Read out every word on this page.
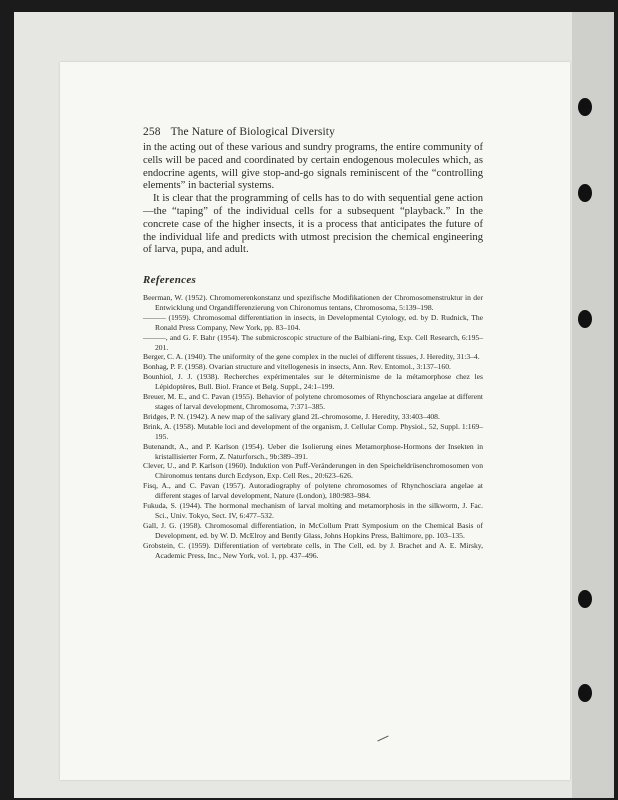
258 The Nature of Biological Diversity

in the acting out of these various and sundry programs, the entire community of cells will be paced and coordinated by certain endogenous molecules which, as endocrine agents, will give stop-and-go signals reminiscent of the “controlling elements” in bacterial systems.

It is clear that the programming of cells has to do with sequential gene action—the “taping” of the individual cells for a subsequent “playback.” In the concrete case of the higher insects, it is a process that anticipates the future of the individual life and predicts with utmost precision the chemical engineering of larva, pupa, and adult.

References

Beerman, W. (1952). Chromomerenkonstanz und spezifische Modifikationen der Chromosomenstruktur in der Entwicklung und Organdifferenzierung von Chironomus tentans, Chromosoma, 5:139–198.

——— (1959). Chromosomal differentiation in insects, in Developmental Cytology, ed. by D. Rudnick, The Ronald Press Company, New York, pp. 83–104.

———, and G. F. Bahr (1954). The submicroscopic structure of the Balbiani-ring, Exp. Cell Research, 6:195–201.

Berger, C. A. (1940). The uniformity of the gene complex in the nuclei of different tissues, J. Heredity, 31:3–4.

Bonhag, P. F. (1958). Ovarian structure and vitellogenesis in insects, Ann. Rev. Entomol., 3:137–160.

Bounhiol, J. J. (1938). Recherches expérimentales sur le déterminisme de la métamorphose chez les Lépidoptères, Bull. Biol. France et Belg. Suppl., 24:1–199.

Breuer, M. E., and C. Pavan (1955). Behavior of polytene chromosomes of Rhynchosciara angelae at different stages of larval development, Chromosoma, 7:371–385.

Bridges, P. N. (1942). A new map of the salivary gland 2L-chromosome, J. Heredity, 33:403–408.

Brink, A. (1958). Mutable loci and development of the organism, J. Cellular Comp. Physiol., 52, Suppl. 1:169–195.

Butenandt, A., and P. Karlson (1954). Ueber die Isolierung eines Metamorphose-Hormons der Insekten in kristallisierter Form, Z. Naturforsch., 9b:389–391.

Clever, U., and P. Karlson (1960). Induktion von Puff-Veränderungen in den Speicheldrüsenchromosomen von Chironomus tentans durch Ecdyson, Exp. Cell Res., 20:623–626.

Fisq, A., and C. Pavan (1957). Autoradiography of polytene chromosomes of Rhynchosciara angelae at different stages of larval development, Nature (London), 180:983–984.

Fukuda, S. (1944). The hormonal mechanism of larval molting and metamorphosis in the silkworm, J. Fac. Sci., Univ. Tokyo, Sect. IV, 6:477–532.

Gall, J. G. (1958). Chromosomal differentiation, in McCollum Pratt Symposium on the Chemical Basis of Development, ed. by W. D. McElroy and Bently Glass, Johns Hopkins Press, Baltimore, pp. 103–135.

Grobstein, C. (1959). Differentiation of vertebrate cells, in The Cell, ed. by J. Brachet and A. E. Mirsky, Academic Press, Inc., New York, vol. 1, pp. 437–496.
